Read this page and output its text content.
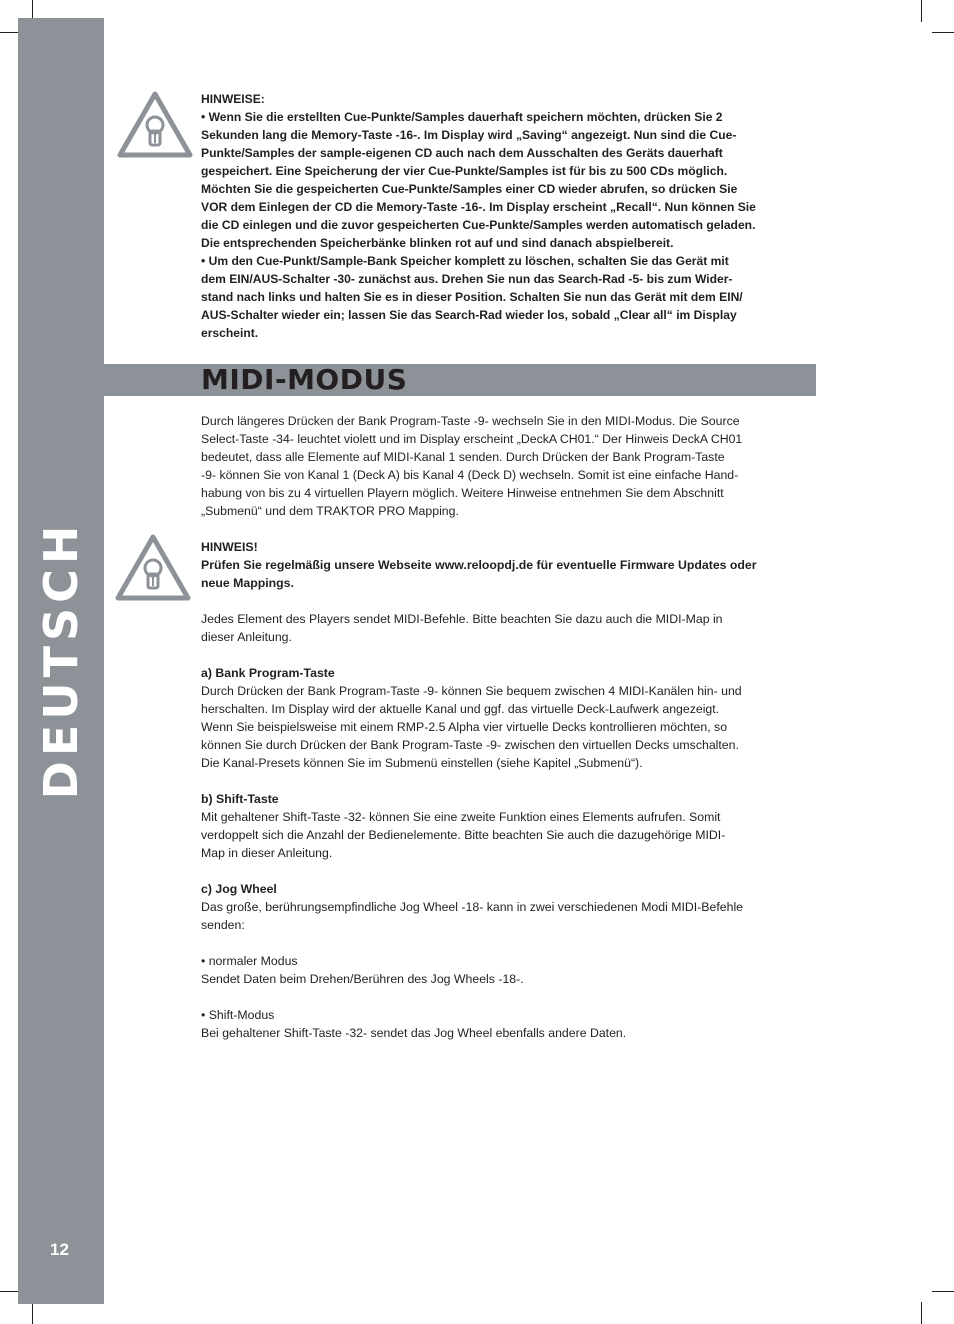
DEUTSCH
12

HINWEISE:

• Wenn Sie die erstellten Cue-Punkte/Samples dauerhaft speichern möchten, drücken Sie 2

Sekunden lang die Memory-Taste -16-. Im Display wird „Saving“ angezeigt. Nun sind die Cue-

Punkte/Samples der sample-eigenen CD auch nach dem Ausschalten des Geräts dauerhaft

gespeichert. Eine Speicherung der vier Cue-Punkte/Samples ist für bis zu 500 CDs möglich.

Möchten Sie die gespeicherten Cue-Punkte/Samples einer CD wieder abrufen, so drücken Sie

VOR dem Einlegen der CD die Memory-Taste -16-. Im Display erscheint „Recall“. Nun können Sie

die CD einlegen und die zuvor gespeicherten Cue-Punkte/Samples werden automatisch geladen.

Die entsprechenden Speicherbänke blinken rot auf und sind danach abspielbereit.

• Um den Cue-Punkt/Sample-Bank Speicher komplett zu löschen, schalten Sie das Gerät mit

dem EIN/AUS-Schalter -30- zunächst aus. Drehen Sie nun das Search-Rad -5- bis zum Wider-

stand nach links und halten Sie es in dieser Position. Schalten Sie nun das Gerät mit dem EIN/

AUS-Schalter wieder ein; lassen Sie das Search-Rad wieder los, sobald „Clear all“ im Display

erscheint.

MIDI-MODUS

Durch längeres Drücken der Bank Program-Taste -9- wechseln Sie in den MIDI-Modus. Die Source

Select-Taste -34- leuchtet violett und im Display erscheint „DeckA CH01.“ Der Hinweis DeckA CH01

bedeutet, dass alle Elemente auf MIDI-Kanal 1 senden. Durch Drücken der Bank Program-Taste

-9- können Sie von Kanal 1 (Deck A) bis Kanal 4 (Deck D) wechseln. Somit ist eine einfache Hand-

habung von bis zu 4 virtuellen Playern möglich. Weitere Hinweise entnehmen Sie dem Abschnitt

„Submenü“ und dem TRAKTOR PRO Mapping.

HINWEIS!

Prüfen Sie regelmäßig unsere Webseite www.reloopdj.de für eventuelle Firmware Updates oder

neue Mappings.

Jedes Element des Players sendet MIDI-Befehle. Bitte beachten Sie dazu auch die MIDI-Map in

dieser Anleitung.

a) Bank Program-Taste

Durch Drücken der Bank Program-Taste -9- können Sie bequem zwischen 4 MIDI-Kanälen hin- und

herschalten. Im Display wird der aktuelle Kanal und ggf. das virtuelle Deck-Laufwerk angezeigt.

Wenn Sie beispielsweise mit einem RMP-2.5 Alpha vier virtuelle Decks kontrollieren möchten, so

können Sie durch Drücken der Bank Program-Taste -9- zwischen den virtuellen Decks umschalten.

Die Kanal-Presets können Sie im Submenü einstellen (siehe Kapitel „Submenü“).

b) Shift-Taste

Mit gehaltener Shift-Taste -32- können Sie eine zweite Funktion eines Elements aufrufen. Somit

verdoppelt sich die Anzahl der Bedienelemente. Bitte beachten Sie auch die dazugehörige MIDI-

Map in dieser Anleitung.

c) Jog Wheel

Das große, berührungsempfindliche Jog Wheel -18- kann in zwei verschiedenen Modi MIDI-Befehle

senden:

• normaler Modus

Sendet Daten beim Drehen/Berühren des Jog Wheels -18-.

• Shift-Modus

Bei gehaltener Shift-Taste -32- sendet das Jog Wheel ebenfalls andere Daten.
